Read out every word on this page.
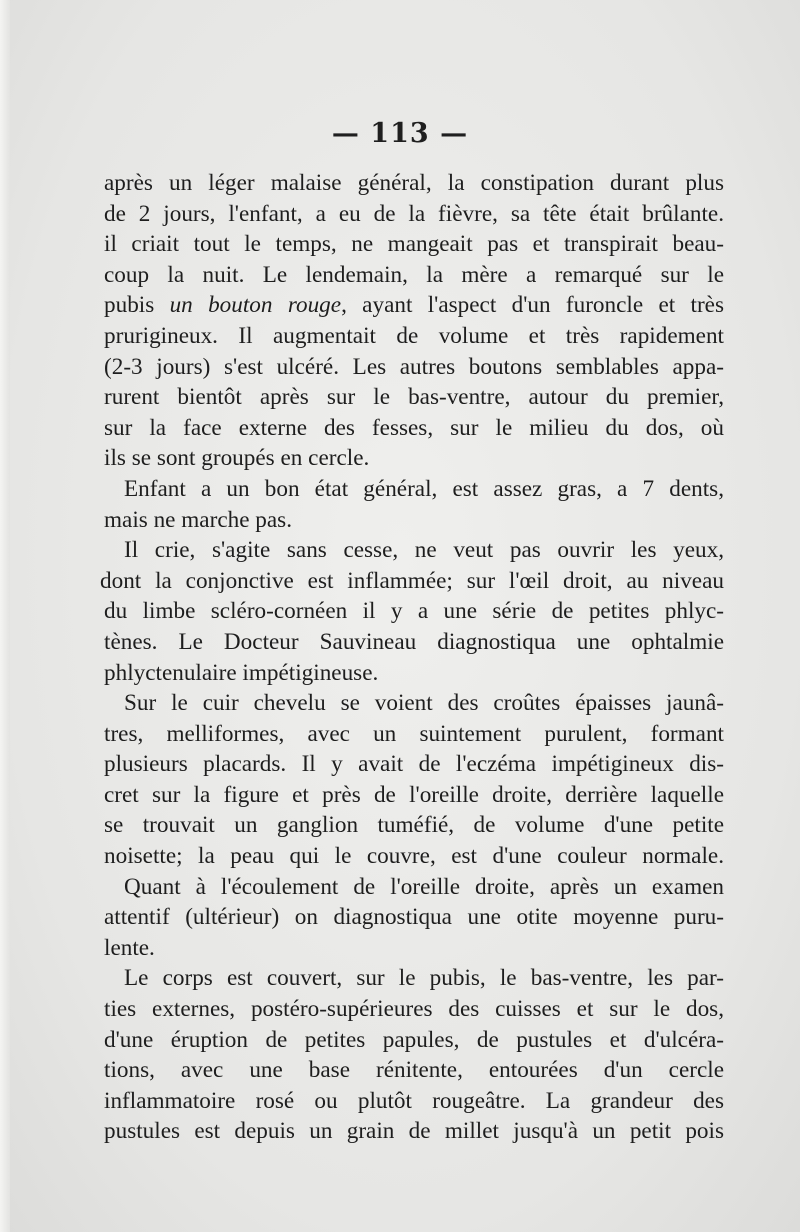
— 113 —
après un léger malaise général, la constipation durant plus
de 2 jours, l'enfant, a eu de la fièvre, sa tête était brûlante.
il criait tout le temps, ne mangeait pas et transpirait beau-
coup la nuit. Le lendemain, la mère a remarqué sur le
pubis un bouton rouge, ayant l'aspect d'un furoncle et très
prurigineux. Il augmentait de volume et très rapidement
(2-3 jours) s'est ulcéré. Les autres boutons semblables appa-
rurent bientôt après sur le bas-ventre, autour du premier,
sur la face externe des fesses, sur le milieu du dos, où
ils se sont groupés en cercle.
Enfant a un bon état général, est assez gras, a 7 dents,
mais ne marche pas.
Il crie, s'agite sans cesse, ne veut pas ouvrir les yeux,
dont la conjonctive est inflammée; sur l'œil droit, au niveau
du limbe scléro-cornéen il y a une série de petites phlyc-
tènes. Le Docteur Sauvineau diagnostiqua une ophtalmie
phlyctenulaire impétigineuse.
Sur le cuir chevelu se voient des croûtes épaisses jaunâ-
tres, melliformes, avec un suintement purulent, formant
plusieurs placards. Il y avait de l'eczéma impétigineux dis-
cret sur la figure et près de l'oreille droite, derrière laquelle
se trouvait un ganglion tuméfié, de volume d'une petite
noisette; la peau qui le couvre, est d'une couleur normale.
Quant à l'écoulement de l'oreille droite, après un examen
attentif (ultérieur) on diagnostiqua une otite moyenne puru-
lente.
Le corps est couvert, sur le pubis, le bas-ventre, les par-
ties externes, postéro-supérieures des cuisses et sur le dos,
d'une éruption de petites papules, de pustules et d'ulcéra-
tions, avec une base rénitente, entourées d'un cercle
inflammatoire rosé ou plutôt rougeâtre. La grandeur des
pustules est depuis un grain de millet jusqu'à un petit pois
